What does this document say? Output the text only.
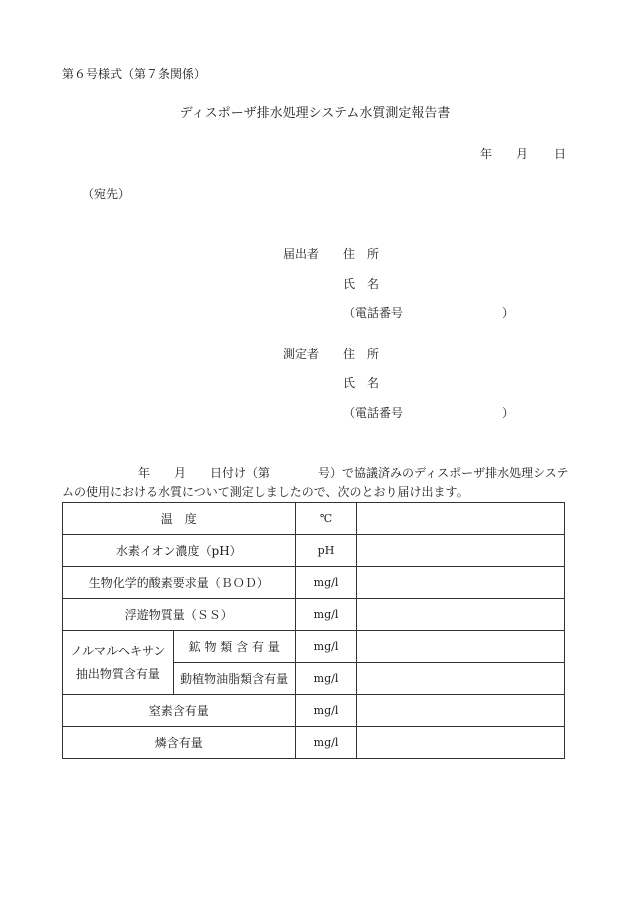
第６号様式（第７条関係）
ディスポーザ排水処理システム水質測定報告書
年 月 日
（宛先）
届出者 住　所
氏　名
（電話番号	）
測定者 住　所
氏　名
（電話番号	）
年 月 日付け（第	号）で協議済みのディスポーザ排水処理システムの使用における水質について測定しましたので、次のとおり届け出ます。
温　度		℃	
水素イオン濃度（pH）		pH	
生物化学的酸素要求量（ＢＯＤ）		mg/l	
浮遊物質量（ＳＳ）		mg/l	
ノルマルヘキサン
抽出物質含有量	鉱 物 類 含 有 量	mg/l	
	動植物油脂類含有量	mg/l	
窒素含有量		mg/l	
燐含有量		mg/l	
